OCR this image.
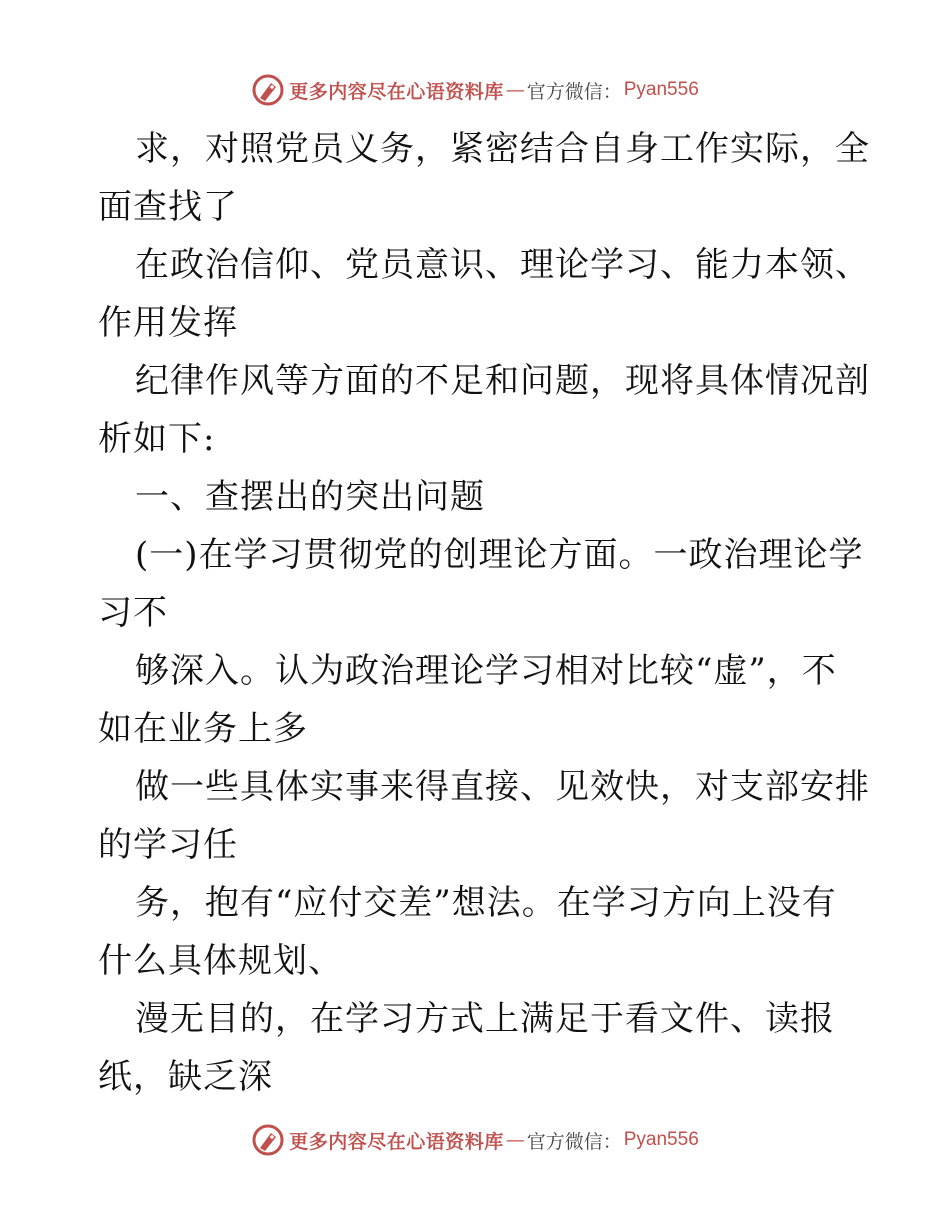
更多内容尽在心语资料库 — 官方微信： Pyan556
求，对照党员义务，紧密结合自身工作实际，全
面查找了
在政治信仰、党员意识、理论学习、能力本领、
作用发挥
纪律作风等方面的不足和问题，现将具体情况剖
析如下:
一、查摆出的突出问题
(一)在学习贯彻党的创理论方面。一政治理论学
习不
够深入。认为政治理论学习相对比较“虚”，不
如在业务上多
做一些具体实事来得直接、见效快，对支部安排
的学习任
务，抱有“应付交差”想法。在学习方向上没有
什么具体规划、
漫无目的，在学习方式上满足于看文件、读报
纸，缺乏深
更多内容尽在心语资料库 — 官方微信： Pyan556
